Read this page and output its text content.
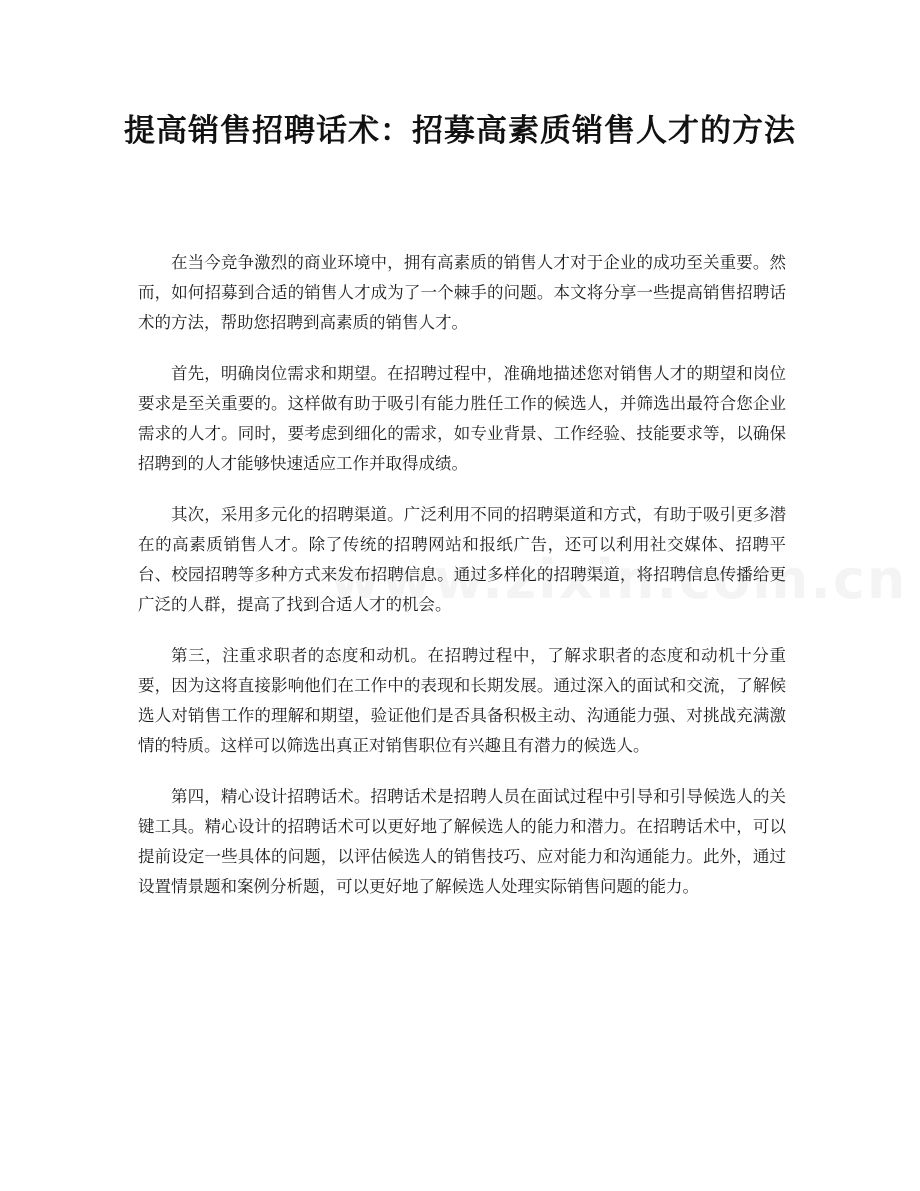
提高销售招聘话术：招募高素质销售人才的方法

在当今竞争激烈的商业环境中，拥有高素质的销售人才对于企业的成功至关重要。然而，如何招募到合适的销售人才成为了一个棘手的问题。本文将分享一些提高销售招聘话术的方法，帮助您招聘到高素质的销售人才。

首先，明确岗位需求和期望。在招聘过程中，准确地描述您对销售人才的期望和岗位要求是至关重要的。这样做有助于吸引有能力胜任工作的候选人，并筛选出最符合您企业需求的人才。同时，要考虑到细化的需求，如专业背景、工作经验、技能要求等，以确保招聘到的人才能够快速适应工作并取得成绩。

其次，采用多元化的招聘渠道。广泛利用不同的招聘渠道和方式，有助于吸引更多潜在的高素质销售人才。除了传统的招聘网站和报纸广告，还可以利用社交媒体、招聘平台、校园招聘等多种方式来发布招聘信息。通过多样化的招聘渠道，将招聘信息传播给更广泛的人群，提高了找到合适人才的机会。

第三，注重求职者的态度和动机。在招聘过程中，了解求职者的态度和动机十分重要，因为这将直接影响他们在工作中的表现和长期发展。通过深入的面试和交流，了解候选人对销售工作的理解和期望，验证他们是否具备积极主动、沟通能力强、对挑战充满激情的特质。这样可以筛选出真正对销售职位有兴趣且有潜力的候选人。

第四，精心设计招聘话术。招聘话术是招聘人员在面试过程中引导和引导候选人的关键工具。精心设计的招聘话术可以更好地了解候选人的能力和潜力。在招聘话术中，可以提前设定一些具体的问题，以评估候选人的销售技巧、应对能力和沟通能力。此外，通过设置情景题和案例分析题，可以更好地了解候选人处理实际销售问题的能力。
